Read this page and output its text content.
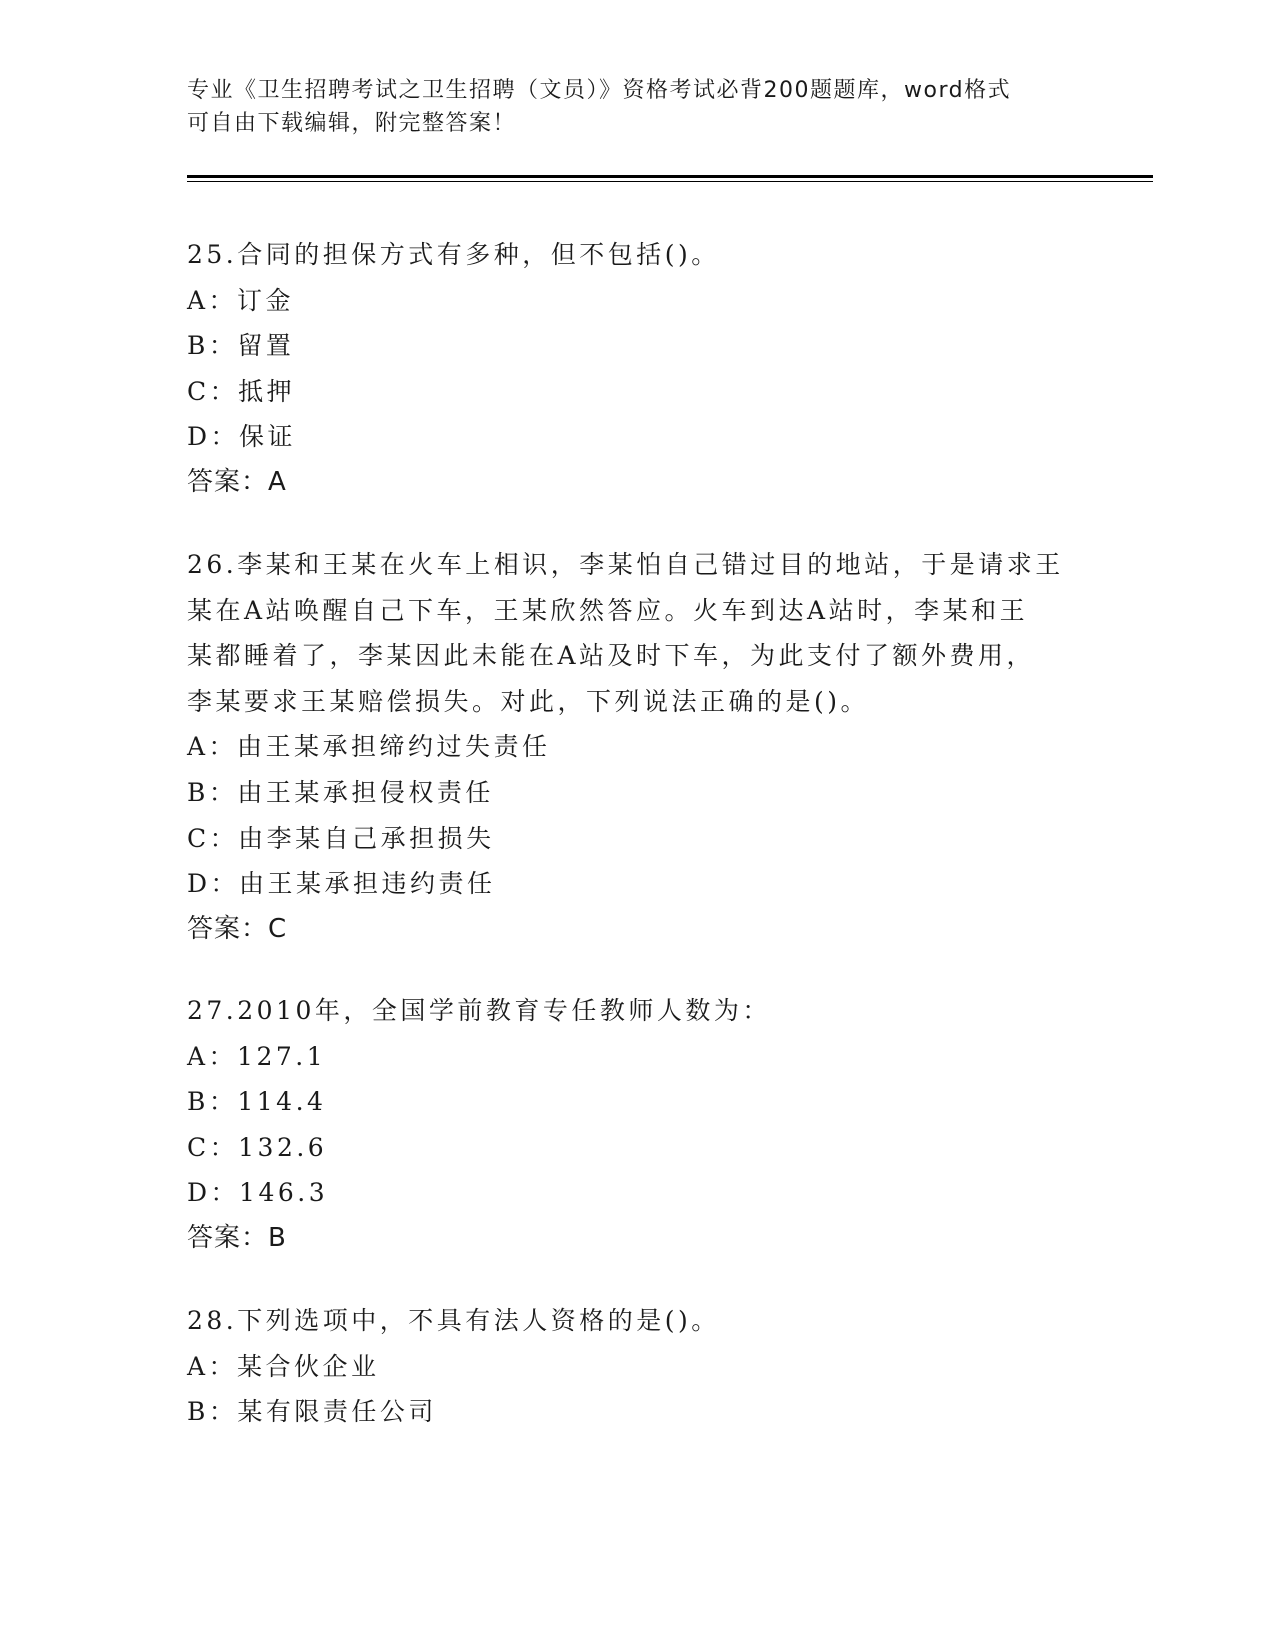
专业《卫生招聘考试之卫生招聘（文员）》资格考试必背200题题库，word格式
可自由下载编辑，附完整答案！
25.合同的担保方式有多种，但不包括()。
A：订金
B：留置
C：抵押
D：保证
答案：A
26.李某和王某在火车上相识，李某怕自己错过目的地站，于是请求王
某在A站唤醒自己下车，王某欣然答应。火车到达A站时，李某和王
某都睡着了，李某因此未能在A站及时下车，为此支付了额外费用，
李某要求王某赔偿损失。对此，下列说法正确的是()。
A：由王某承担缔约过失责任
B：由王某承担侵权责任
C：由李某自己承担损失
D：由王某承担违约责任
答案：C
27.2010年，全国学前教育专任教师人数为：
A：127.1
B：114.4
C：132.6
D：146.3
答案：B
28.下列选项中，不具有法人资格的是()。
A：某合伙企业
B：某有限责任公司
